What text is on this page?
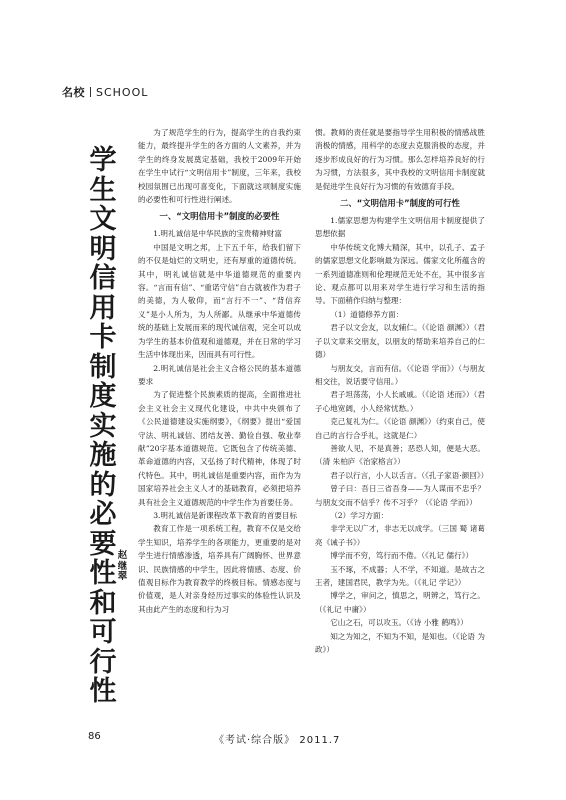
名校 SCHOOL
学生文明信用卡制度实施的必要性和可行性
赵继翠

为了规范学生的行为，提高学生的自我约束能力，最终提升学生的各方面的人文素养，并为学生的终身发展奠定基础，我校于2009年开始在学生中试行“文明信用卡”制度，三年来，我校校园氛围已出现可喜变化，下面就这项制度实施的必要性和可行性进行阐述。

一、“文明信用卡”制度的必要性
1.明礼诚信是中华民族的宝贵精神财富

中国是文明之邦，上下五千年，给我们留下的不仅是灿烂的文明史，还有厚重的道德传统。其中，明礼诚信就是中华道德规范的重要内容。“言而有信”、“重诺守信”自古就被作为君子的美德，为人敬仰，而“言行不一”、“背信弃义”是小人所为，为人所鄙。从继承中华道德传统的基础上发展而来的现代诚信观，完全可以成为学生的基本价值观和道德观，并在日常的学习生活中体现出来，因而具有可行性。

2.明礼诚信是社会主义合格公民的基本道德要求

为了促进整个民族素质的提高，全面推进社会主义社会主义现代化建设，中共中央颁布了《公民道德建设实施纲要》，《纲要》提出“爱国守法、明礼诚信、团结友善、勤俭自强、敬业奉献”20字基本道德规范。它既包含了传统美德、革命道德的内容，又弘扬了时代精神，体现了时代特色。其中，明礼诚信是重要内容，而作为为国家培养社会主义人才的基础教育，必须把培养具有社会主义道德规范的中学生作为首要任务。

3.明礼诚信是新课程改革下教育的首要目标

教育工作是一项系统工程，教育不仅是交给学生知识，培养学生的各项能力，更重要的是对学生进行情感渗透，培养具有广阔胸怀、世界意识、民族情感的中学生，因此将情感、态度、价值观目标作为教育教学的终极目标。情感态度与价值观，是人对亲身经历过事实的体验性认识及其由此产生的态度和行为习

惯。教师的责任就是要指导学生用积极的情感战胜消极的情感，用科学的态度去克服消极的态度，并逐步形成良好的行为习惯。那么怎样培养良好的行为习惯，方法很多，其中我校的文明信用卡制度就是促进学生良好行为习惯的有效德育手段。

二、“文明信用卡”制度的可行性
1.儒家思想为构建学生文明信用卡制度提供了思想依据

中华传统文化博大精深，其中，以孔子、孟子的儒家思想文化影响最为深远。儒家文化所蕴含的一系列道德准则和伦理规范无处不在，其中很多言论、观点都可以用来对学生进行学习和生活的指导。下面稍作归纳与整理：

（1）道德修养方面：

君子以文会友，以友辅仁。（《论语 颜渊》）（君子以文章来交朋友，以朋友的帮助来培养自己的仁德）

与朋友交，言而有信。（《论语 学而》）（与朋友相交往，说话要守信用。）

君子坦荡荡，小人长戚戚。（《论语 述而》）（君子心地宽阔，小人经常忧愁。）

克己复礼为仁。（《论语 颜渊》）（约束自己，使自己的言行合乎礼，这就是仁）

善欲人见，不是真善；恶恐人知，便是大恶。（清 朱柏庐《治家格言》）

君子以行言，小人以舌言。（《孔子家语·颜回》）

曾子曰：吾日三省吾身——为人谋而不忠乎？与朋友交而不信乎？传不习乎？（《论语 学而》）

（2）学习方面：

非学无以广才，非志无以成学。（三国 蜀 诸葛亮《诫子书》）

博学而不穷，笃行而不倦。（《礼记 儒行》）

玉不琢，不成器；人不学，不知道。是故古之王者，建国君民，教学为先。（《礼记 学记》）

博学之，审问之，慎思之，明辨之，笃行之。（《礼记 中庸》）

它山之石，可以攻玉。（《诗 小雅 鹤鸣》）

知之为知之，不知为不知，是知也。（《论语 为政》）

86	《考试·综合版》 2011.7
